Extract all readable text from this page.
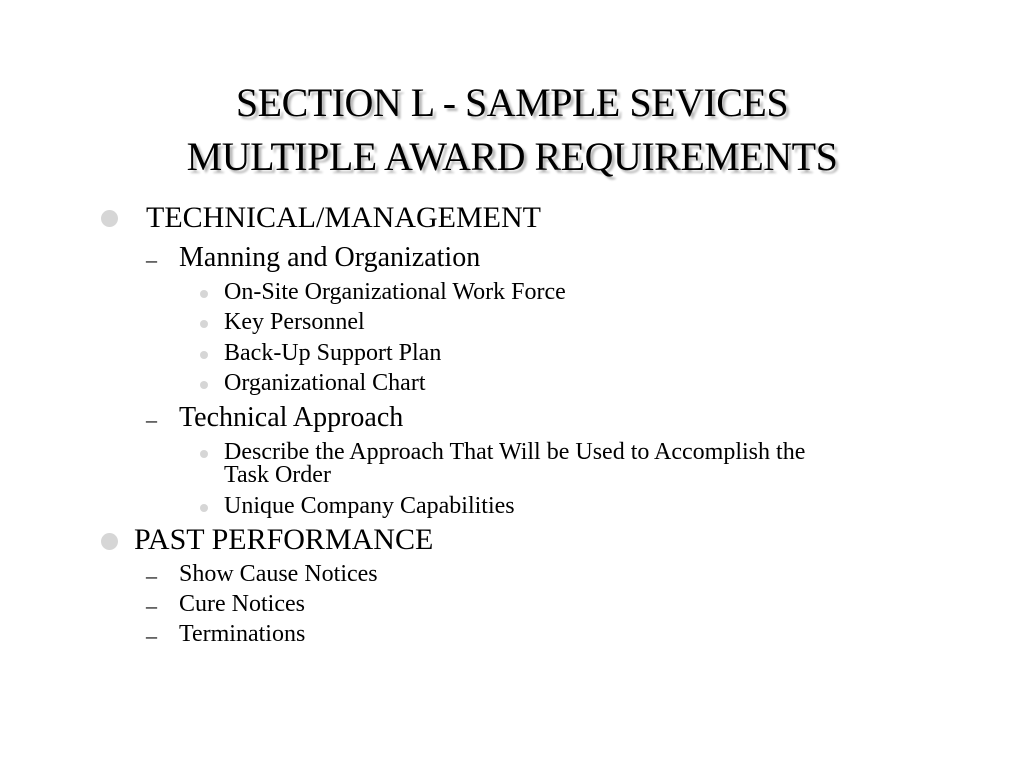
SECTION L - SAMPLE SEVICES
MULTIPLE AWARD REQUIREMENTS
TECHNICAL/MANAGEMENT
– Manning and Organization
On-Site Organizational Work Force
Key Personnel
Back-Up Support Plan
Organizational Chart
– Technical Approach
Describe the Approach That Will be Used to Accomplish the
Task Order
Unique Company Capabilities
PAST PERFORMANCE
– Show Cause Notices
– Cure Notices
– Terminations
